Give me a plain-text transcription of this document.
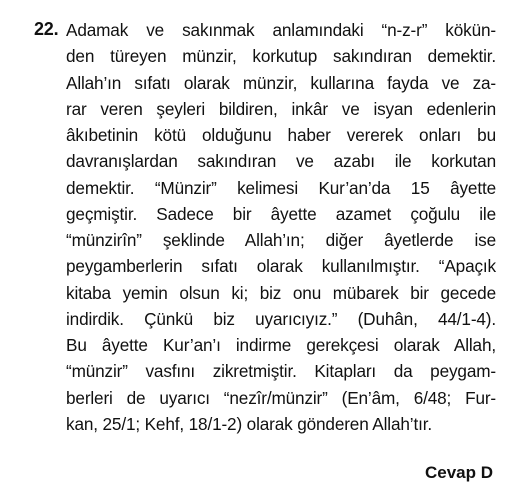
22. Adamak ve sakınmak anlamındaki “n-z-r” kökün-
den türeyen münzir, korkutup sakındıran demektir.
Allah’ın sıfatı olarak münzir, kullarına fayda ve za-
rar veren şeyleri bildiren, inkâr ve isyan edenlerin
âkıbetinin kötü olduğunu haber vererek onları bu
davranışlardan sakındıran ve azabı ile korkutan
demektir. “Münzir” kelimesi Kur’an’da 15 âyette
geçmiştir. Sadece bir âyette azamet çoğulu ile
“münzirîn” şeklinde Allah’ın; diğer âyetlerde ise
peygamberlerin sıfatı olarak kullanılmıştır. “Apaçık
kitaba yemin olsun ki; biz onu mübarek bir gecede
indirdik. Çünkü biz uyarıcıyız.” (Duhân, 44/1-4).
Bu âyette Kur’an’ı indirme gerekçesi olarak Allah,
“münzir” vasfını zikretmiştir. Kitapları da peygam-
berleri de uyarıcı “nezîr/münzir” (En’âm, 6/48; Fur-
kan, 25/1; Kehf, 18/1-2) olarak gönderen Allah’tır.
Cevap D
